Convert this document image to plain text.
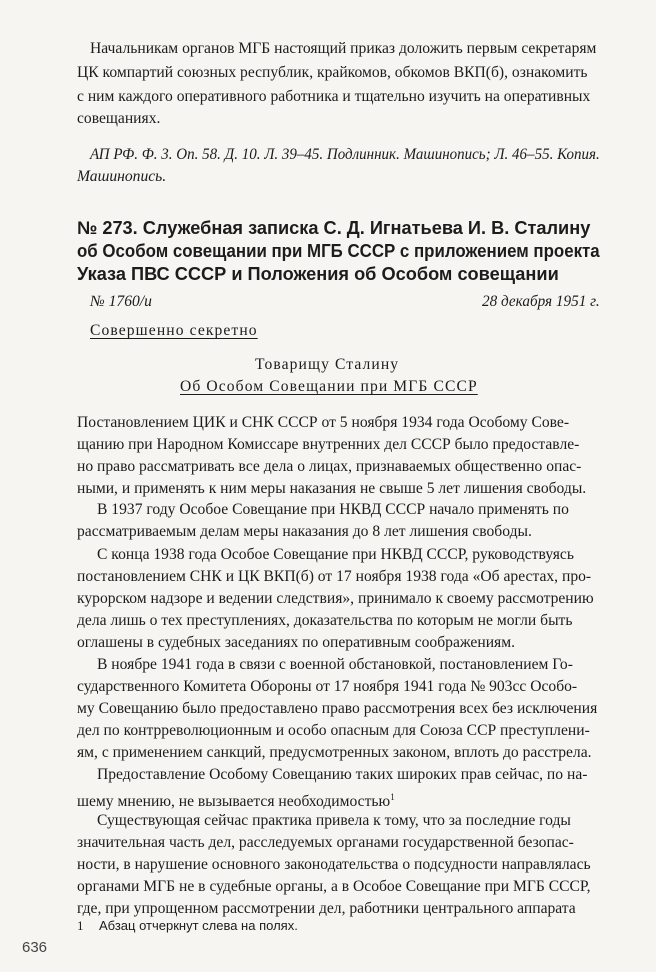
Начальникам органов МГБ настоящий приказ доложить первым секретарям

ЦК компартий союзных республик, крайкомов, обкомов ВКП(б), ознакомить

с ним каждого оперативного работника и тщательно изучить на оперативных

совещаниях.

АП РФ. Ф. 3. Оп. 58. Д. 10. Л. 39–45. Подлинник. Машинопись; Л. 46–55. Копия.

Машинопись.

№ 273. Служебная записка С. Д. Игнатьева И. В. Сталину

об Особом совещании при МГБ СССР с приложением проекта

Указа ПВС СССР и Положения об Особом совещании

№ 1760/и	28 декабря 1951 г.

Совершенно секретно

Товарищу Сталину

Об Особом Совещании при МГБ СССР

Постановлением ЦИК и СНК СССР от 5 ноября 1934 года Особому Сове-

щанию при Народном Комиссаре внутренних дел СССР было предоставле-

но право рассматривать все дела о лицах, признаваемых общественно опас-

ными, и применять к ним меры наказания не свыше 5 лет лишения свободы.

В 1937 году Особое Совещание при НКВД СССР начало применять по

рассматриваемым делам меры наказания до 8 лет лишения свободы.

С конца 1938 года Особое Совещание при НКВД СССР, руководствуясь

постановлением СНК и ЦК ВКП(б) от 17 ноября 1938 года «Об арестах, про-

курорском надзоре и ведении следствия», принимало к своему рассмотрению

дела лишь о тех преступлениях, доказательства по которым не могли быть

оглашены в судебных заседаниях по оперативным соображениям.

В ноябре 1941 года в связи с военной обстановкой, постановлением Го-

сударственного Комитета Обороны от 17 ноября 1941 года № 903сс Особо-

му Совещанию было предоставлено право рассмотрения всех без исключения

дел по контрреволюционным и особо опасным для Союза ССР преступлени-

ям, с применением санкций, предусмотренных законом, вплоть до расстрела.

Предоставление Особому Совещанию таких широких прав сейчас, по на-

шему мнению, не вызывается необходимостью$^1$

Существующая сейчас практика привела к тому, что за последние годы

значительная часть дел, расследуемых органами государственной безопас-

ности, в нарушение основного законодательства о подсудности направлялась

органами МГБ не в судебные органы, а в Особое Совещание при МГБ СССР,

где, при упрощенном рассмотрении дел, работники центрального аппарата

1 Абзац отчеркнут слева на полях.

636
